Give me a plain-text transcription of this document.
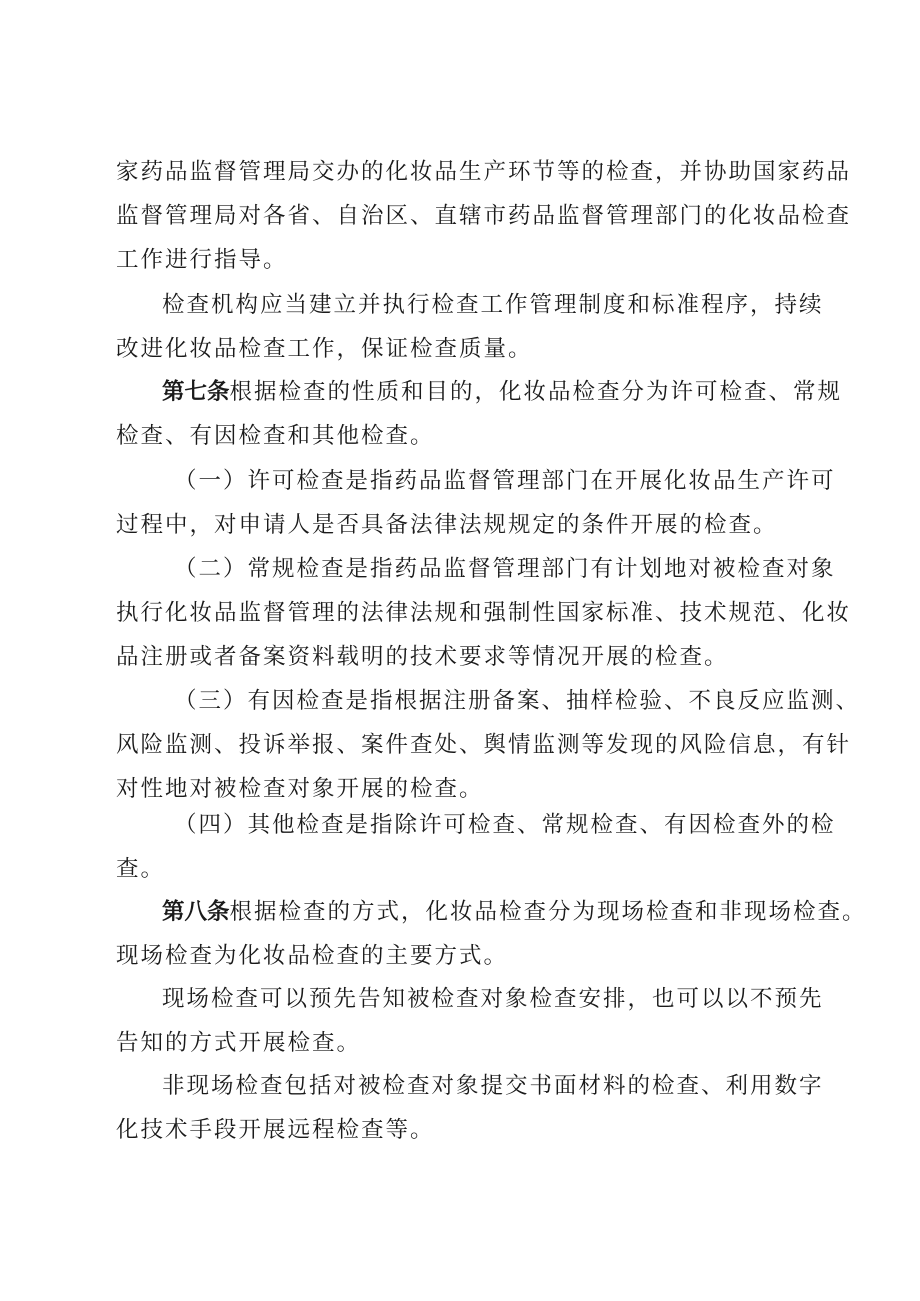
家药品监督管理局交办的化妆品生产环节等的检查，并协助国家药品
监督管理局对各省、自治区、直辖市药品监督管理部门的化妆品检查
工作进行指导。
检查机构应当建立并执行检查工作管理制度和标准程序，持续
改进化妆品检查工作，保证检查质量。
第七条根据检查的性质和目的，化妆品检查分为许可检查、常规
检查、有因检查和其他检查。
（一）许可检查是指药品监督管理部门在开展化妆品生产许可
过程中，对申请人是否具备法律法规规定的条件开展的检查。
（二）常规检查是指药品监督管理部门有计划地对被检查对象
执行化妆品监督管理的法律法规和强制性国家标准、技术规范、化妆
品注册或者备案资料载明的技术要求等情况开展的检查。
（三）有因检查是指根据注册备案、抽样检验、不良反应监测、
风险监测、投诉举报、案件查处、舆情监测等发现的风险信息，有针
对性地对被检查对象开展的检查。
（四）其他检查是指除许可检查、常规检查、有因检查外的检
查。
第八条根据检查的方式，化妆品检查分为现场检查和非现场检查。
现场检查为化妆品检查的主要方式。
现场检查可以预先告知被检查对象检查安排，也可以以不预先
告知的方式开展检查。
非现场检查包括对被检查对象提交书面材料的检查、利用数字
化技术手段开展远程检查等。
